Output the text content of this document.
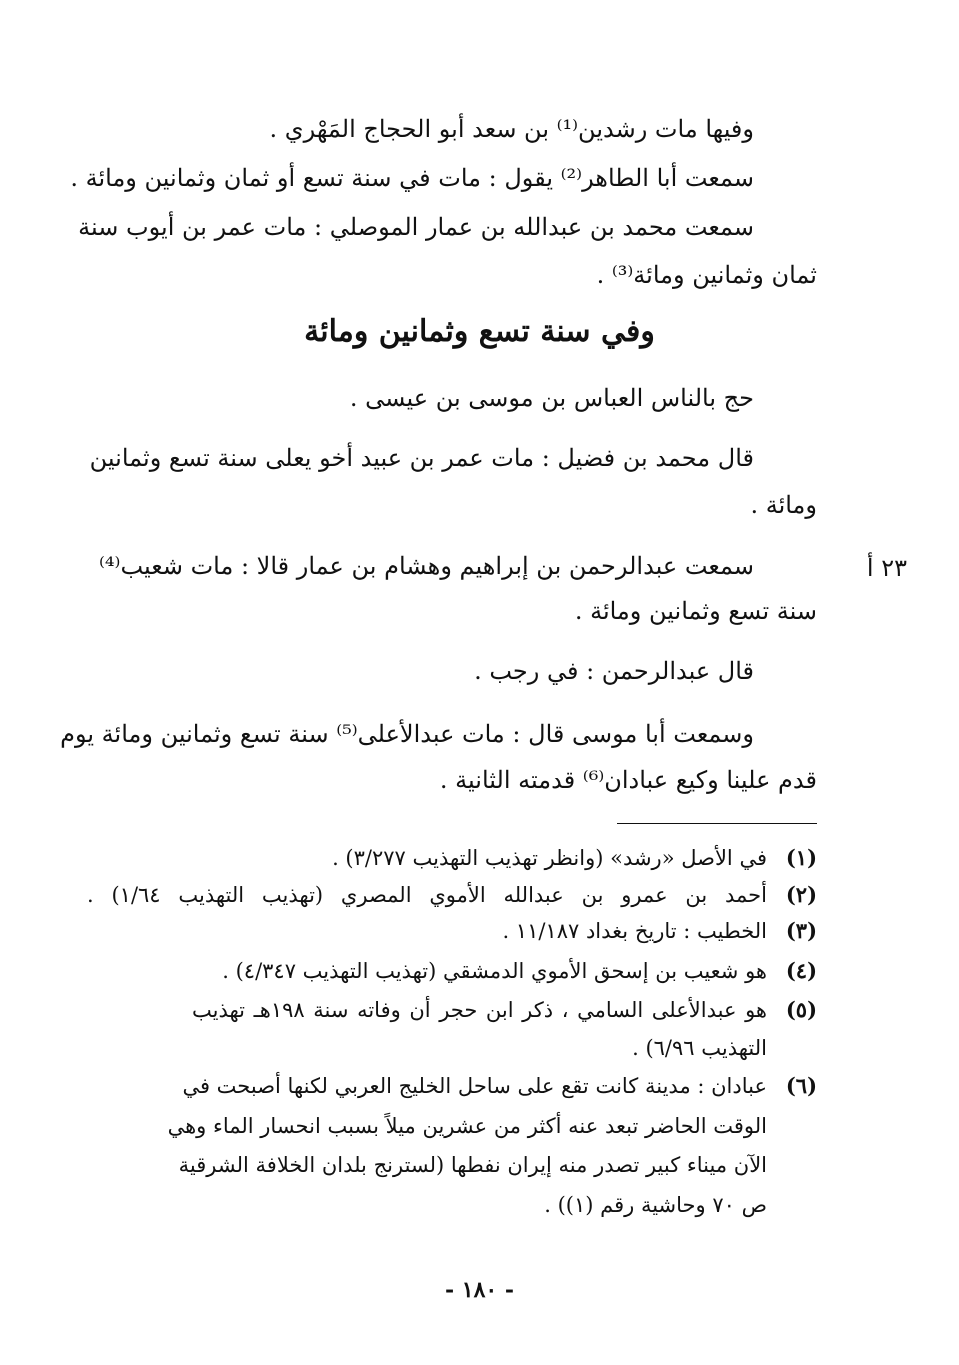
وفيها مات رشدين⁽¹⁾ بن سعد أبو الحجاج المَهْري .
سمعت أبا الطاهر⁽²⁾ يقول : مات في سنة تسع أو ثمان وثمانين ومائة .
سمعت محمد بن عبدالله بن عمار الموصلي : مات عمر بن أيوب سنة
ثمان وثمانين ومائة⁽³⁾ .
وفي سنة تسع وثمانين ومائة
حج بالناس العباس بن موسى بن عيسى .
قال محمد بن فضيل : مات عمر بن عبيد أخو يعلى سنة تسع وثمانين
ومائة .
٢٣ أ
سمعت عبدالرحمن بن إبراهيم وهشام بن عمار قالا : مات شعيب⁽⁴⁾
سنة تسع وثمانين ومائة .
قال عبدالرحمن : في رجب .
وسمعت أبا موسى قال : مات عبدالأعلى⁽⁵⁾ سنة تسع وثمانين ومائة يوم
قدم علينا وكيع عبادان⁽⁶⁾ قدمته الثانية .
(١)
في الأصل «رشد» (وانظر تهذيب التهذيب ٣/٢٧٧) .
(٢)
أحمد بن عمرو بن عبدالله الأموي المصري (تهذيب التهذيب ١/٦٤) .
(٣)
الخطيب : تاريخ بغداد ١١/١٨٧ .
(٤)
هو شعيب بن إسحق الأموي الدمشقي (تهذيب التهذيب ٤/٣٤٧) .
(٥)
هو عبدالأعلى السامي ، ذكر ابن حجر أن وفاته سنة ١٩٨هـ تهذيب
التهذيب ٦/٩٦) .
(٦)
عبادان : مدينة كانت تقع على ساحل الخليج العربي لكنها أصبحت في
الوقت الحاضر تبعد عنه أكثر من عشرين ميلاً بسبب انحسار الماء وهي
الآن ميناء كبير تصدر منه إيران نفطها (لسترنج بلدان الخلافة الشرقية
ص ٧٠ وحاشية رقم (١)) .
- ١٨٠ -
